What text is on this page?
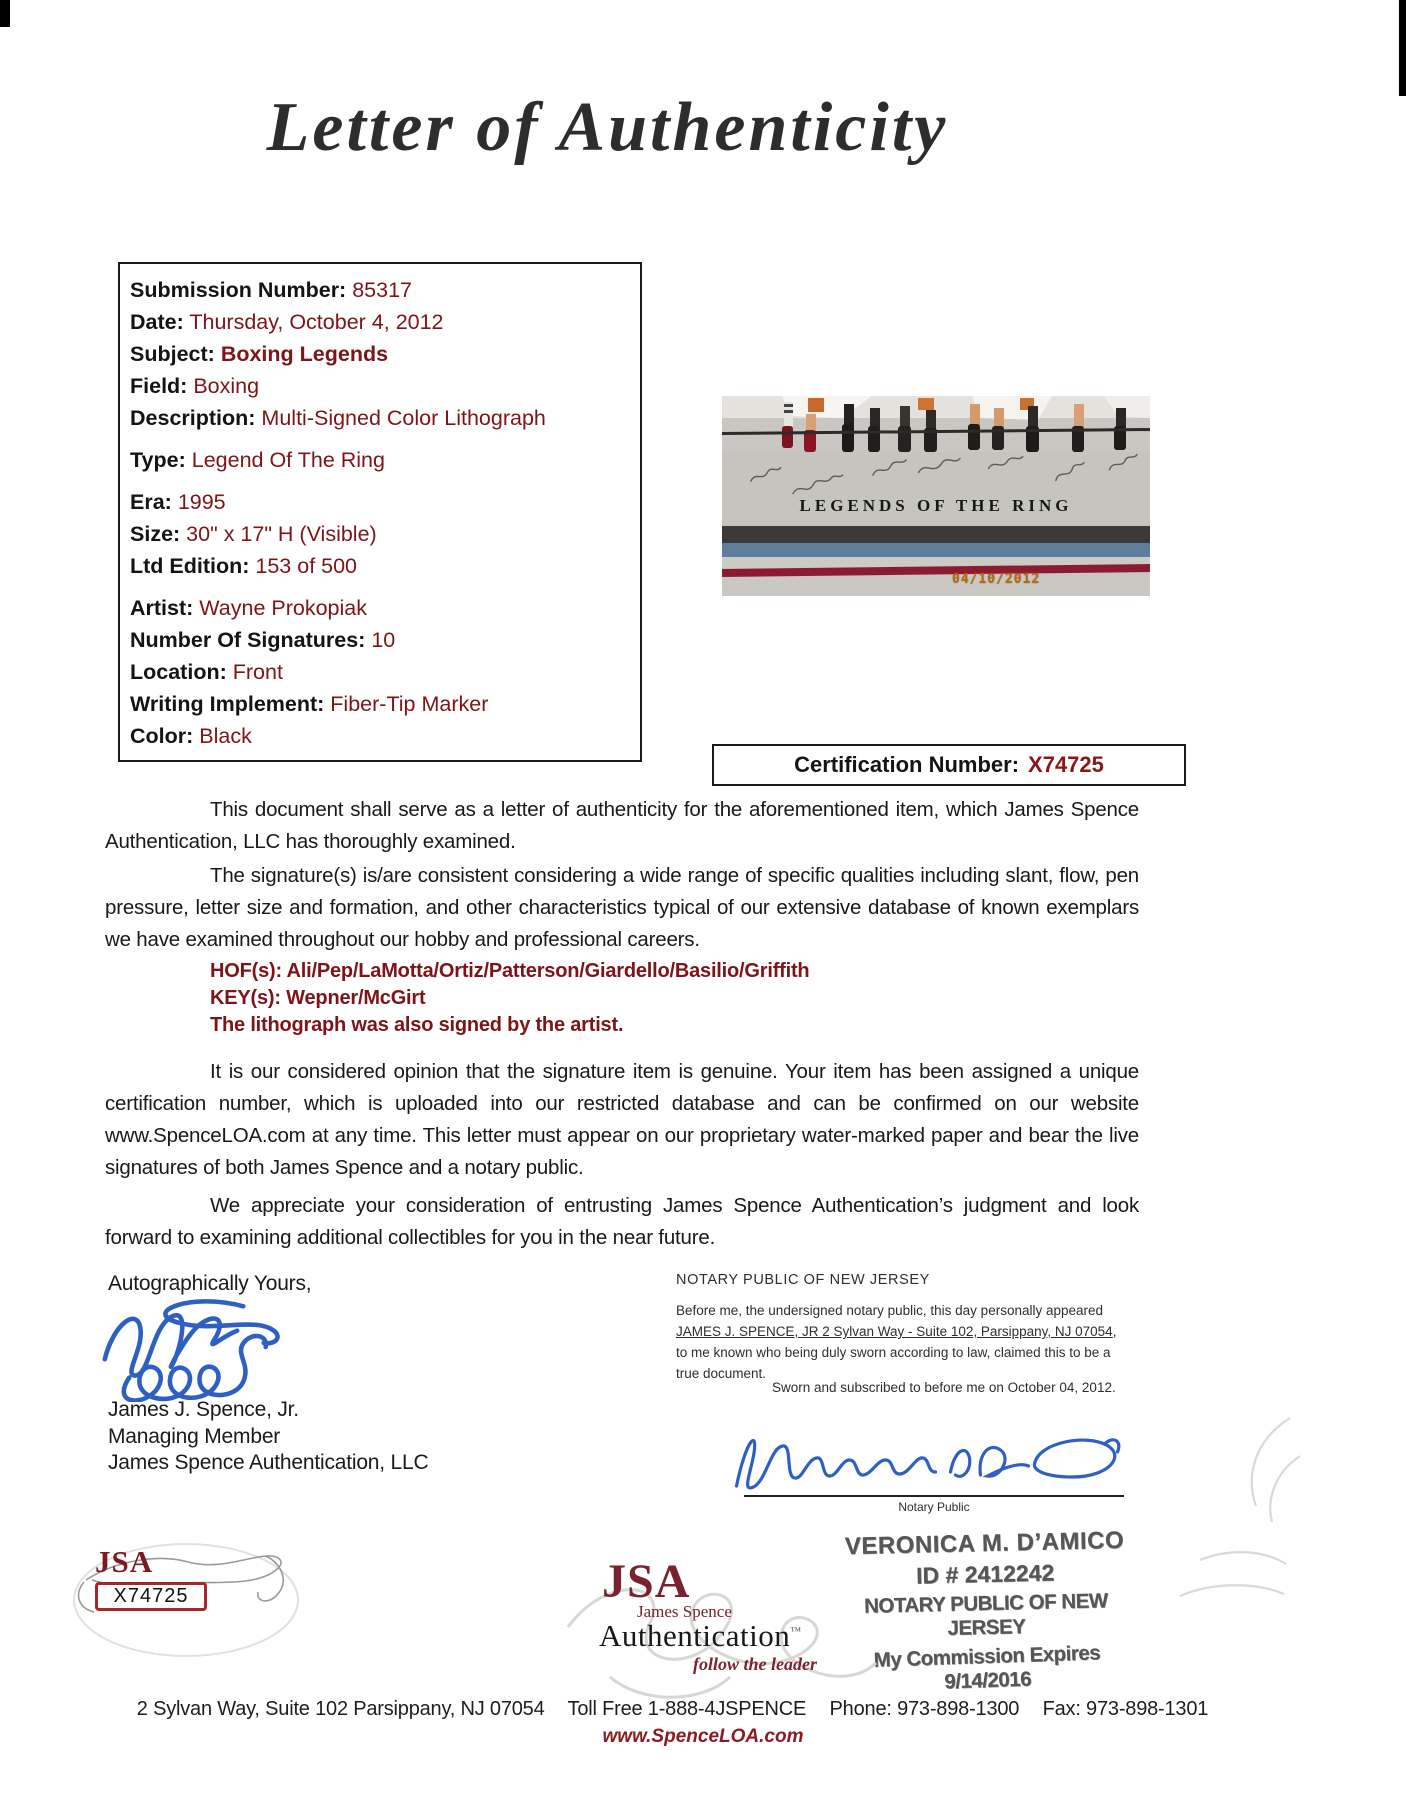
Letter of Authenticity
Submission Number: 85317
Date: Thursday, October 4, 2012
Subject: Boxing Legends
Field: Boxing
Description: Multi-Signed Color Lithograph
Type: Legend Of The Ring
Era: 1995
Size: 30" x 17" H (Visible)
Ltd Edition: 153 of 500
Artist: Wayne Prokopiak
Number Of Signatures: 10
Location: Front
Writing Implement: Fiber-Tip Marker
Color: Black
LEGENDS OF THE RING
04/10/2012
Certification Number: X74725
This document shall serve as a letter of authenticity for the aforementioned item, which James Spence Authentication, LLC has thoroughly examined.
The signature(s) is/are consistent considering a wide range of specific qualities including slant, flow, pen pressure, letter size and formation, and other characteristics typical of our extensive database of known exemplars we have examined throughout our hobby and professional careers.
HOF(s): Ali/Pep/LaMotta/Ortiz/Patterson/Giardello/Basilio/Griffith
KEY(s): Wepner/McGirt
The lithograph was also signed by the artist.
It is our considered opinion that the signature item is genuine. Your item has been assigned a unique certification number, which is uploaded into our restricted database and can be confirmed on our website www.SpenceLOA.com at any time. This letter must appear on our proprietary water-marked paper and bear the live signatures of both James Spence and a notary public.
We appreciate your consideration of entrusting James Spence Authentication’s judgment and look forward to examining additional collectibles for you in the near future.
Autographically Yours,
James J. Spence, Jr.
Managing Member
James Spence Authentication, LLC
NOTARY PUBLIC OF NEW JERSEY
Before me, the undersigned notary public, this day personally appeared JAMES J. SPENCE, JR 2 Sylvan Way - Suite 102, Parsippany, NJ 07054, to me known who being duly sworn according to law, claimed this to be a true document.
Sworn and subscribed to before me on October 04, 2012.
Notary Public
VERONICA M. D’AMICO
ID # 2412242
NOTARY PUBLIC OF NEW JERSEY
My Commission Expires 9/14/2016
JSA
X74725	JSA
James Spence
Authentication™
follow the leader
2 Sylvan Way, Suite 102 Parsippany, NJ 07054 Toll Free 1-888-4JSPENCE Phone: 973-898-1300 Fax: 973-898-1301
www.SpenceLOA.com
